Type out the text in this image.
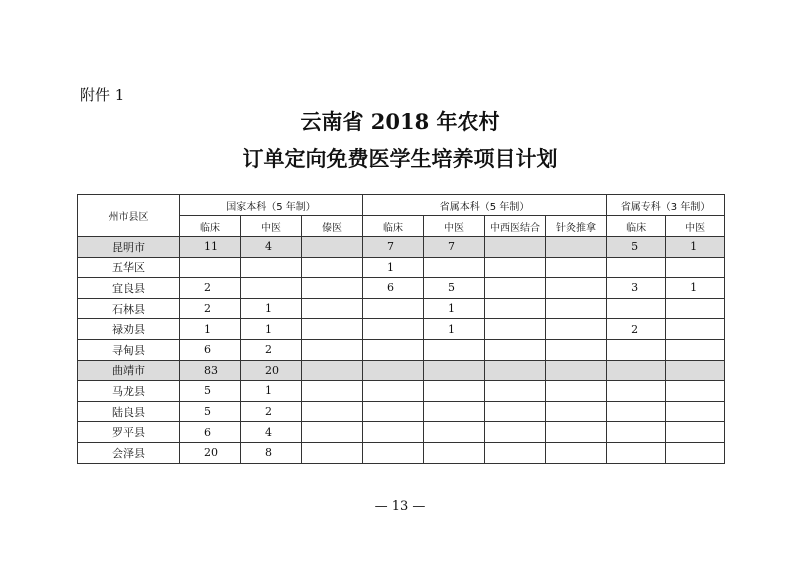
附件 1
云南省 2018 年农村
订单定向免费医学生培养项目计划
州市县区	国家本科（5 年制）			省属本科（5 年制）				省属专科（3 年制）	
	临床	中医	傣医	临床	中医	中西医结合	针灸推拿	临床	中医
昆明市	11	4		7	7			5	1
五华区				1					
宜良县	2			6	5			3	1
石林县	2	1			1				
禄劝县	1	1			1			2	
寻甸县	6	2							
曲靖市	83	20							
马龙县	5	1							
陆良县	5	2							
罗平县	6	4							
会泽县	20	8							
— 13 —
